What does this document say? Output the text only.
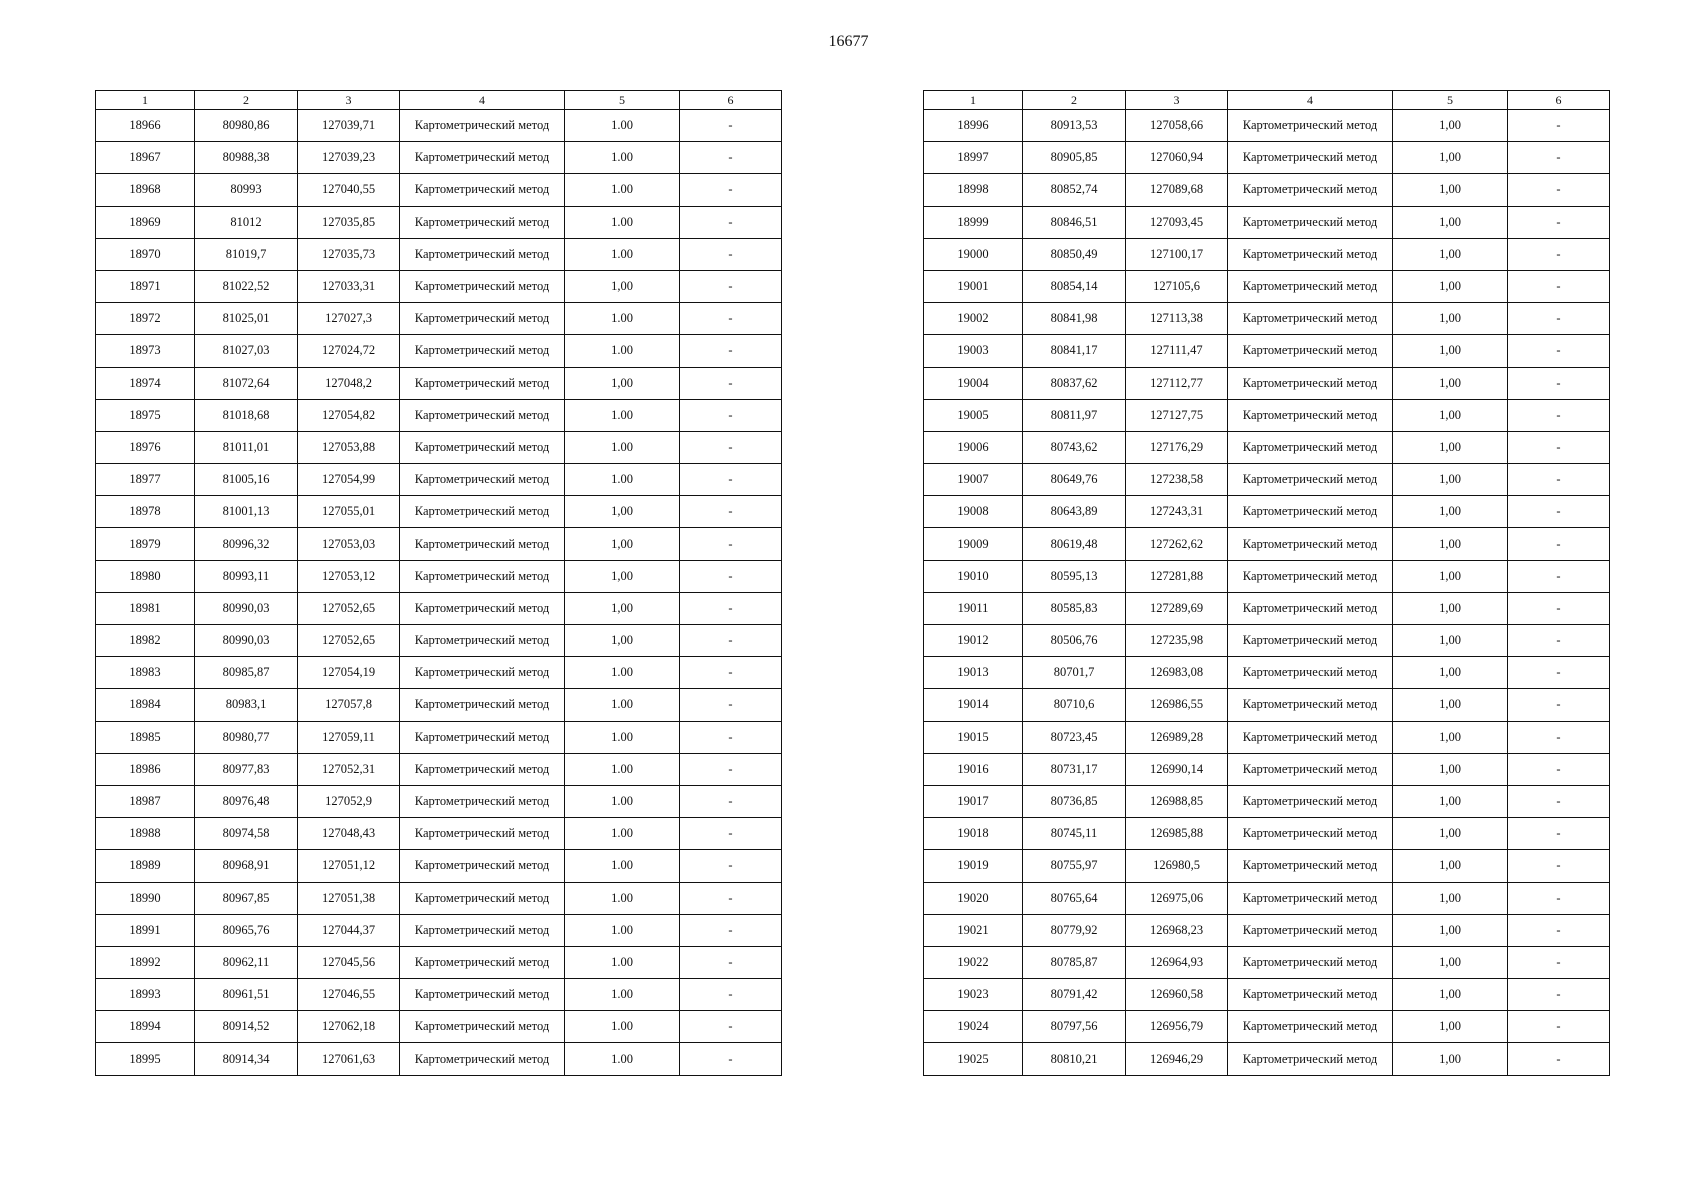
16677
1	2	3	4	5	6
18966	80980,86	127039,71	Картометрический метод	1.00	-
18967	80988,38	127039,23	Картометрический метод	1.00	-
18968	80993	127040,55	Картометрический метод	1.00	-
18969	81012	127035,85	Картометрический метод	1.00	-
18970	81019,7	127035,73	Картометрический метод	1.00	-
18971	81022,52	127033,31	Картометрический метод	1,00	-
18972	81025,01	127027,3	Картометрический метод	1.00	-
18973	81027,03	127024,72	Картометрический метод	1.00	-
18974	81072,64	127048,2	Картометрический метод	1,00	-
18975	81018,68	127054,82	Картометрический метод	1.00	-
18976	81011,01	127053,88	Картометрический метод	1.00	-
18977	81005,16	127054,99	Картометрический метод	1.00	-
18978	81001,13	127055,01	Картометрический метод	1,00	-
18979	80996,32	127053,03	Картометрический метод	1,00	-
18980	80993,11	127053,12	Картометрический метод	1,00	-
18981	80990,03	127052,65	Картометрический метод	1,00	-
18982	80990,03	127052,65	Картометрический метод	1,00	-
18983	80985,87	127054,19	Картометрический метод	1.00	-
18984	80983,1	127057,8	Картометрический метод	1.00	-
18985	80980,77	127059,11	Картометрический метод	1.00	-
18986	80977,83	127052,31	Картометрический метод	1.00	-
18987	80976,48	127052,9	Картометрический метод	1.00	-
18988	80974,58	127048,43	Картометрический метод	1.00	-
18989	80968,91	127051,12	Картометрический метод	1.00	-
18990	80967,85	127051,38	Картометрический метод	1.00	-
18991	80965,76	127044,37	Картометрический метод	1.00	-
18992	80962,11	127045,56	Картометрический метод	1.00	-
18993	80961,51	127046,55	Картометрический метод	1.00	-
18994	80914,52	127062,18	Картометрический метод	1.00	-
18995	80914,34	127061,63	Картометрический метод	1.00	-
1	2	3	4	5	6
18996	80913,53	127058,66	Картометрический метод	1,00	-
18997	80905,85	127060,94	Картометрический метод	1,00	-
18998	80852,74	127089,68	Картометрический метод	1,00	-
18999	80846,51	127093,45	Картометрический метод	1,00	-
19000	80850,49	127100,17	Картометрический метод	1,00	-
19001	80854,14	127105,6	Картометрический метод	1,00	-
19002	80841,98	127113,38	Картометрический метод	1,00	-
19003	80841,17	127111,47	Картометрический метод	1,00	-
19004	80837,62	127112,77	Картометрический метод	1,00	-
19005	80811,97	127127,75	Картометрический метод	1,00	-
19006	80743,62	127176,29	Картометрический метод	1,00	-
19007	80649,76	127238,58	Картометрический метод	1,00	-
19008	80643,89	127243,31	Картометрический метод	1,00	-
19009	80619,48	127262,62	Картометрический метод	1,00	-
19010	80595,13	127281,88	Картометрический метод	1,00	-
19011	80585,83	127289,69	Картометрический метод	1,00	-
19012	80506,76	127235,98	Картометрический метод	1,00	-
19013	80701,7	126983,08	Картометрический метод	1,00	-
19014	80710,6	126986,55	Картометрический метод	1,00	-
19015	80723,45	126989,28	Картометрический метод	1,00	-
19016	80731,17	126990,14	Картометрический метод	1,00	-
19017	80736,85	126988,85	Картометрический метод	1,00	-
19018	80745,11	126985,88	Картометрический метод	1,00	-
19019	80755,97	126980,5	Картометрический метод	1,00	-
19020	80765,64	126975,06	Картометрический метод	1,00	-
19021	80779,92	126968,23	Картометрический метод	1,00	-
19022	80785,87	126964,93	Картометрический метод	1,00	-
19023	80791,42	126960,58	Картометрический метод	1,00	-
19024	80797,56	126956,79	Картометрический метод	1,00	-
19025	80810,21	126946,29	Картометрический метод	1,00	-
